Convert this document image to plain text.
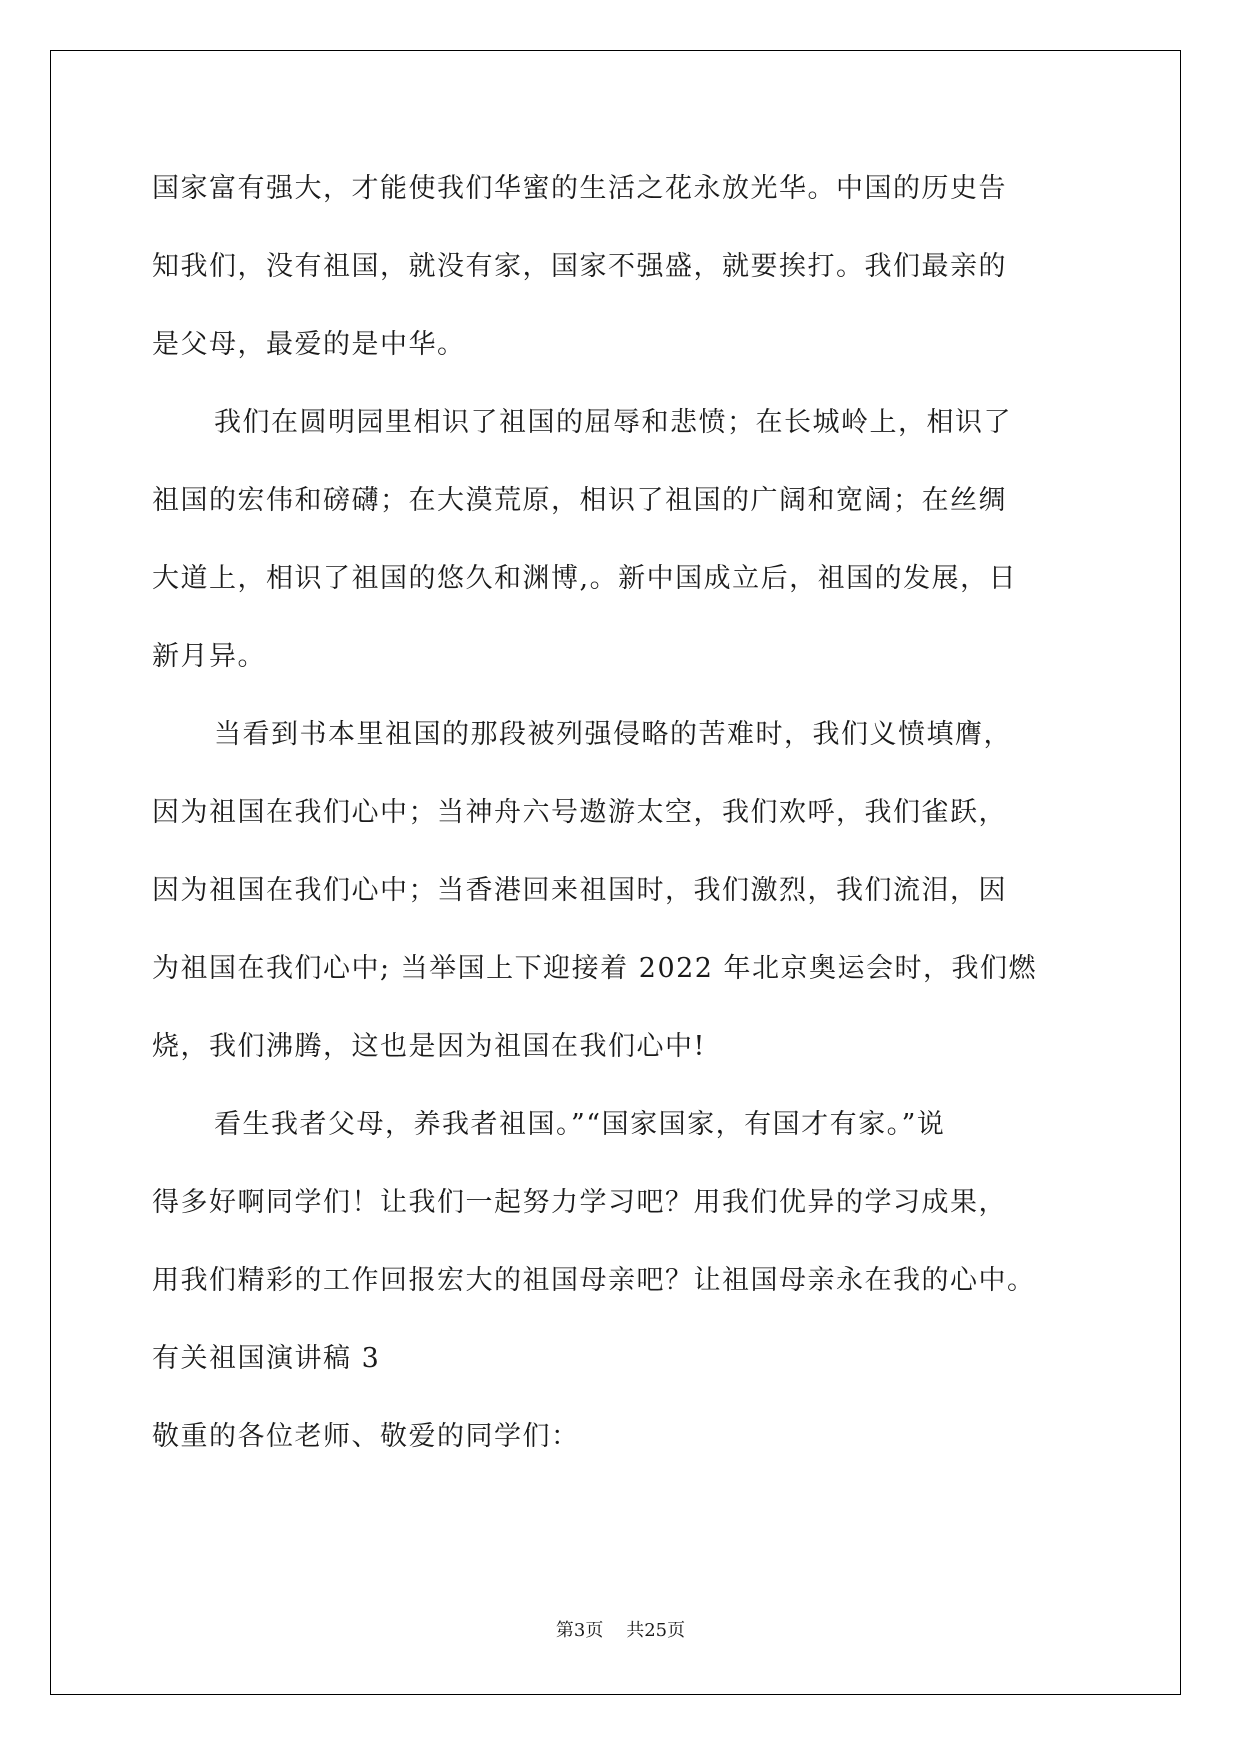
国家富有强大，才能使我们华蜜的生活之花永放光华。中国的历史告
知我们，没有祖国，就没有家，国家不强盛，就要挨打。我们最亲的
是父母，最爱的是中华。
我们在圆明园里相识了祖国的屈辱和悲愤；在长城岭上，相识了
祖国的宏伟和磅礴；在大漠荒原，相识了祖国的广阔和宽阔；在丝绸
大道上，相识了祖国的悠久和渊博,。新中国成立后，祖国的发展，日
新月异。
当看到书本里祖国的那段被列强侵略的苦难时，我们义愤填膺，
因为祖国在我们心中；当神舟六号遨游太空，我们欢呼，我们雀跃，
因为祖国在我们心中；当香港回来祖国时，我们激烈，我们流泪，因
为祖国在我们心中; 当举国上下迎接着 2022 年北京奥运会时，我们燃
烧，我们沸腾，这也是因为祖国在我们心中!
看生我者父母，养我者祖国。”“国家国家，有国才有家。”说
得多好啊同学们！让我们一起努力学习吧？用我们优异的学习成果，
用我们精彩的工作回报宏大的祖国母亲吧？让祖国母亲永在我的心中。
有关祖国演讲稿 3
敬重的各位老师、敬爱的同学们：
第3页 共25页
